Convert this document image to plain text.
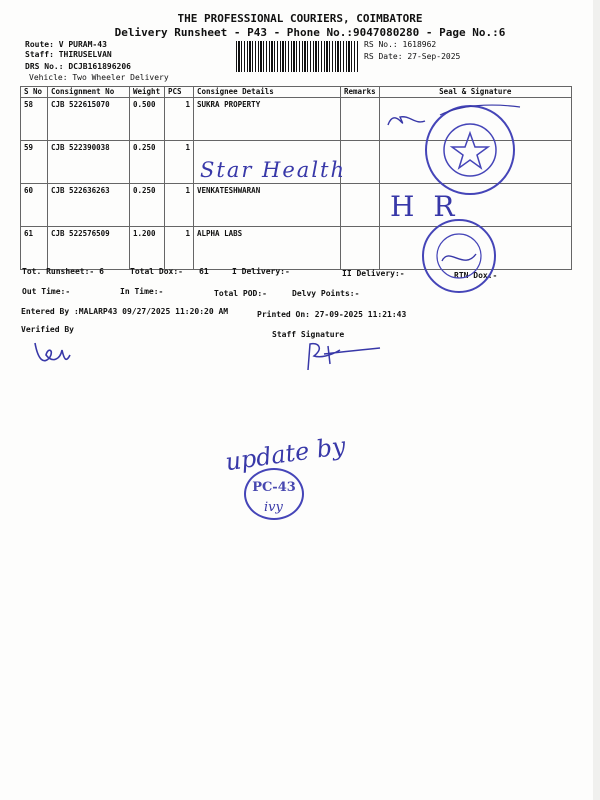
THE PROFESSIONAL COURIERS, COIMBATORE
Delivery Runsheet - P43 - Phone No.:9047080280 - Page No.:6
Route: V PURAM-43
Staff: THIRUSELVAN
DRS No.: DCJB161896206
Vehicle: Two Wheeler Delivery
RS No.: 1618962
RS Date: 27-Sep-2025
S No	Consignment No	Weight	PCS	Consignee Details	Remarks	Seal & Signature
58	CJB 522615070	0.500	1	SUKRA PROPERTY		
59	CJB 522390038	0.250	1			
60	CJB 522636263	0.250	1	VENKATESHWARAN		
61	CJB 522576509	1.200	1	ALPHA LABS		
Tot. Runsheet:- 6	Total Dox:- 61	I Delivery:-	II Delivery:-	RTN Dox:-
Out Time:-	In Time:-	Total POD:-	Delvy Points:-
Entered By :MALARP43 09/27/2025 11:20:20 AM	Printed On: 27-09-2025 11:21:43
Verified By
Staff Signature
Star Health
H R
update by
PC-43
ivy
